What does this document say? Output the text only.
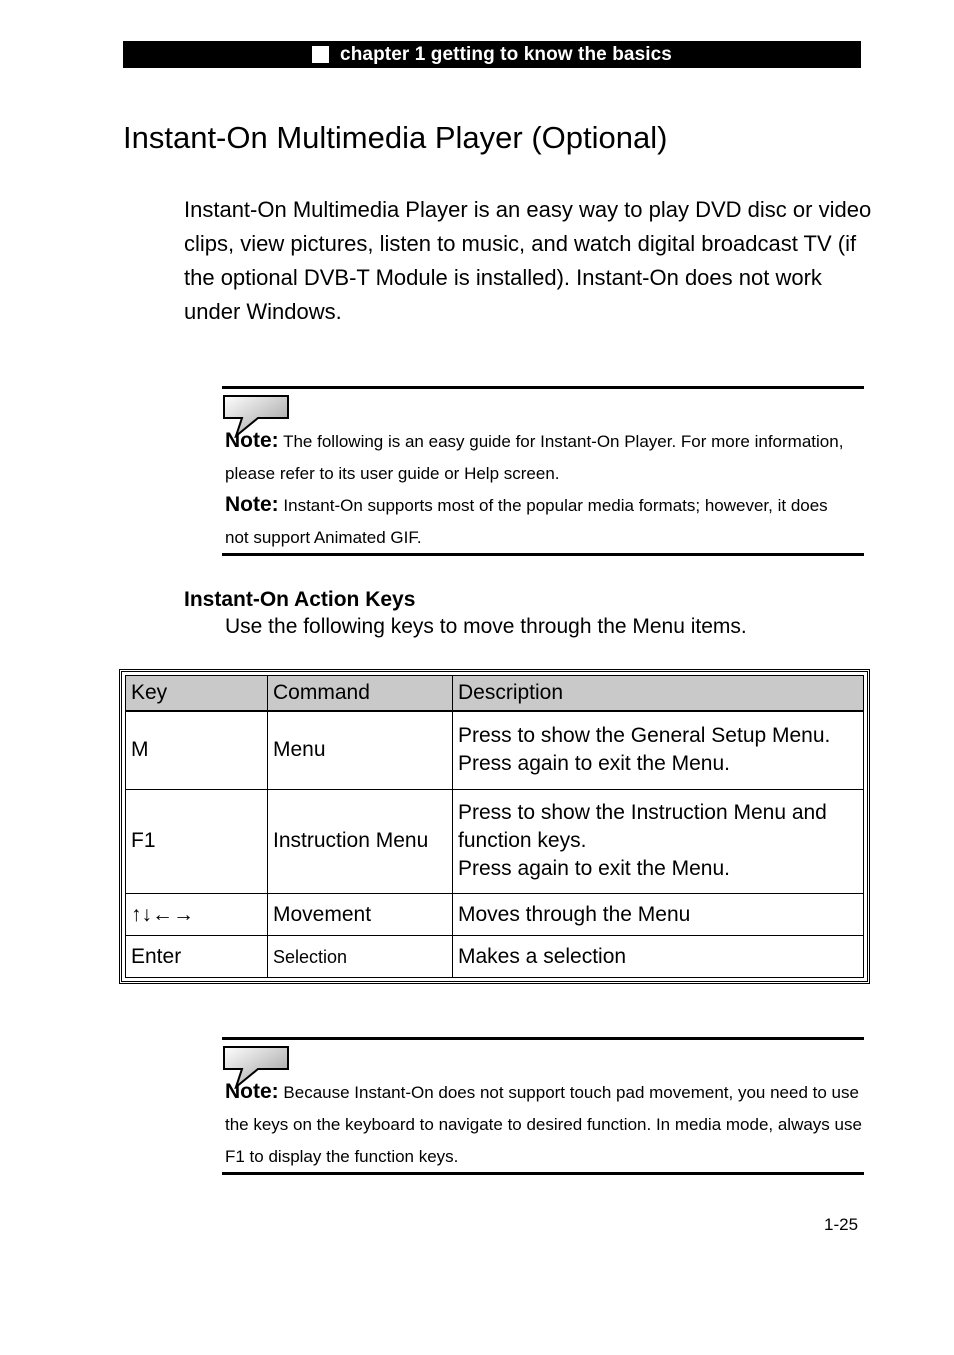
chapter 1 getting to know the basics
Instant-On Multimedia Player (Optional)

Instant-On Multimedia Player is an easy way to play DVD disc or video clips, view pictures, listen to music, and watch digital broadcast TV (if the optional DVB-T Module is installed). Instant-On does not work under Windows.

Note: The following is an easy guide for Instant-On Player. For more information, please refer to its user guide or Help screen.

Note: Instant-On supports most of the popular media formats; however, it does not support Animated GIF.

Instant-On Action Keys

Use the following keys to move through the Menu items.

Key	Command	Description
M	Menu	Press to show the General Setup Menu.
Press again to exit the Menu.

F1	Instruction Menu	Press to show the Instruction Menu and function keys.
Press again to exit the Menu.

↑↓←→	Movement	Moves through the Menu

Enter	Selection	Makes a selection

Note: Because Instant-On does not support touch pad movement, you need to use the keys on the keyboard to navigate to desired function. In media mode, always use F1 to display the function keys.

1-25
